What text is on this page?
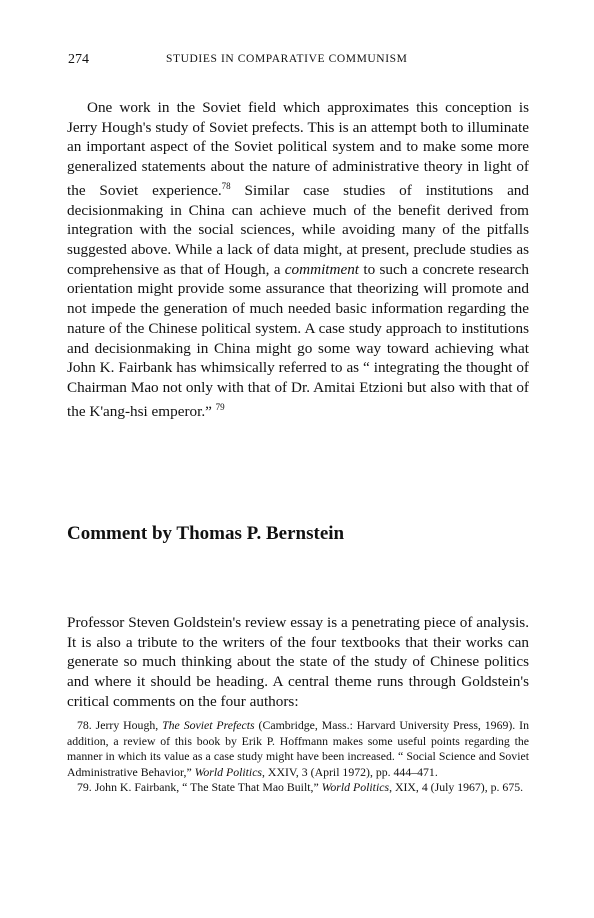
274	STUDIES IN COMPARATIVE COMMUNISM

One work in the Soviet field which approximates this conception is Jerry Hough's study of Soviet prefects. This is an attempt both to illuminate an important aspect of the Soviet political system and to make some more generalized statements about the nature of administrative theory in light of the Soviet experience.$^{78}$ Similar case studies of institutions and decisionmaking in China can achieve much of the benefit derived from integration with the social sciences, while avoiding many of the pitfalls suggested above. While a lack of data might, at present, preclude studies as comprehensive as that of Hough, a commitment to such a concrete research orientation might provide some assurance that theorizing will promote and not impede the generation of much needed basic information regarding the nature of the Chinese political system. A case study approach to institutions and decisionmaking in China might go some way toward achieving what John K. Fairbank has whimsically referred to as “ integrating the thought of Chairman Mao not only with that of Dr. Amitai Etzioni but also with that of the K'ang-hsi emperor.” $^{79}$

Comment by Thomas P. Bernstein

Professor Steven Goldstein's review essay is a penetrating piece of analysis. It is also a tribute to the writers of the four textbooks that their works can generate so much thinking about the state of the study of Chinese politics and where it should be heading. A central theme runs through Goldstein's critical comments on the four authors:

78. Jerry Hough, The Soviet Prefects (Cambridge, Mass.: Harvard University Press, 1969). In addition, a review of this book by Erik P. Hoffmann makes some useful points regarding the manner in which its value as a case study might have been increased. “ Social Science and Soviet Administrative Behavior,” World Politics, XXIV, 3 (April 1972), pp. 444–471.

79. John K. Fairbank, “ The State That Mao Built,” World Politics, XIX, 4 (July 1967), p. 675.
